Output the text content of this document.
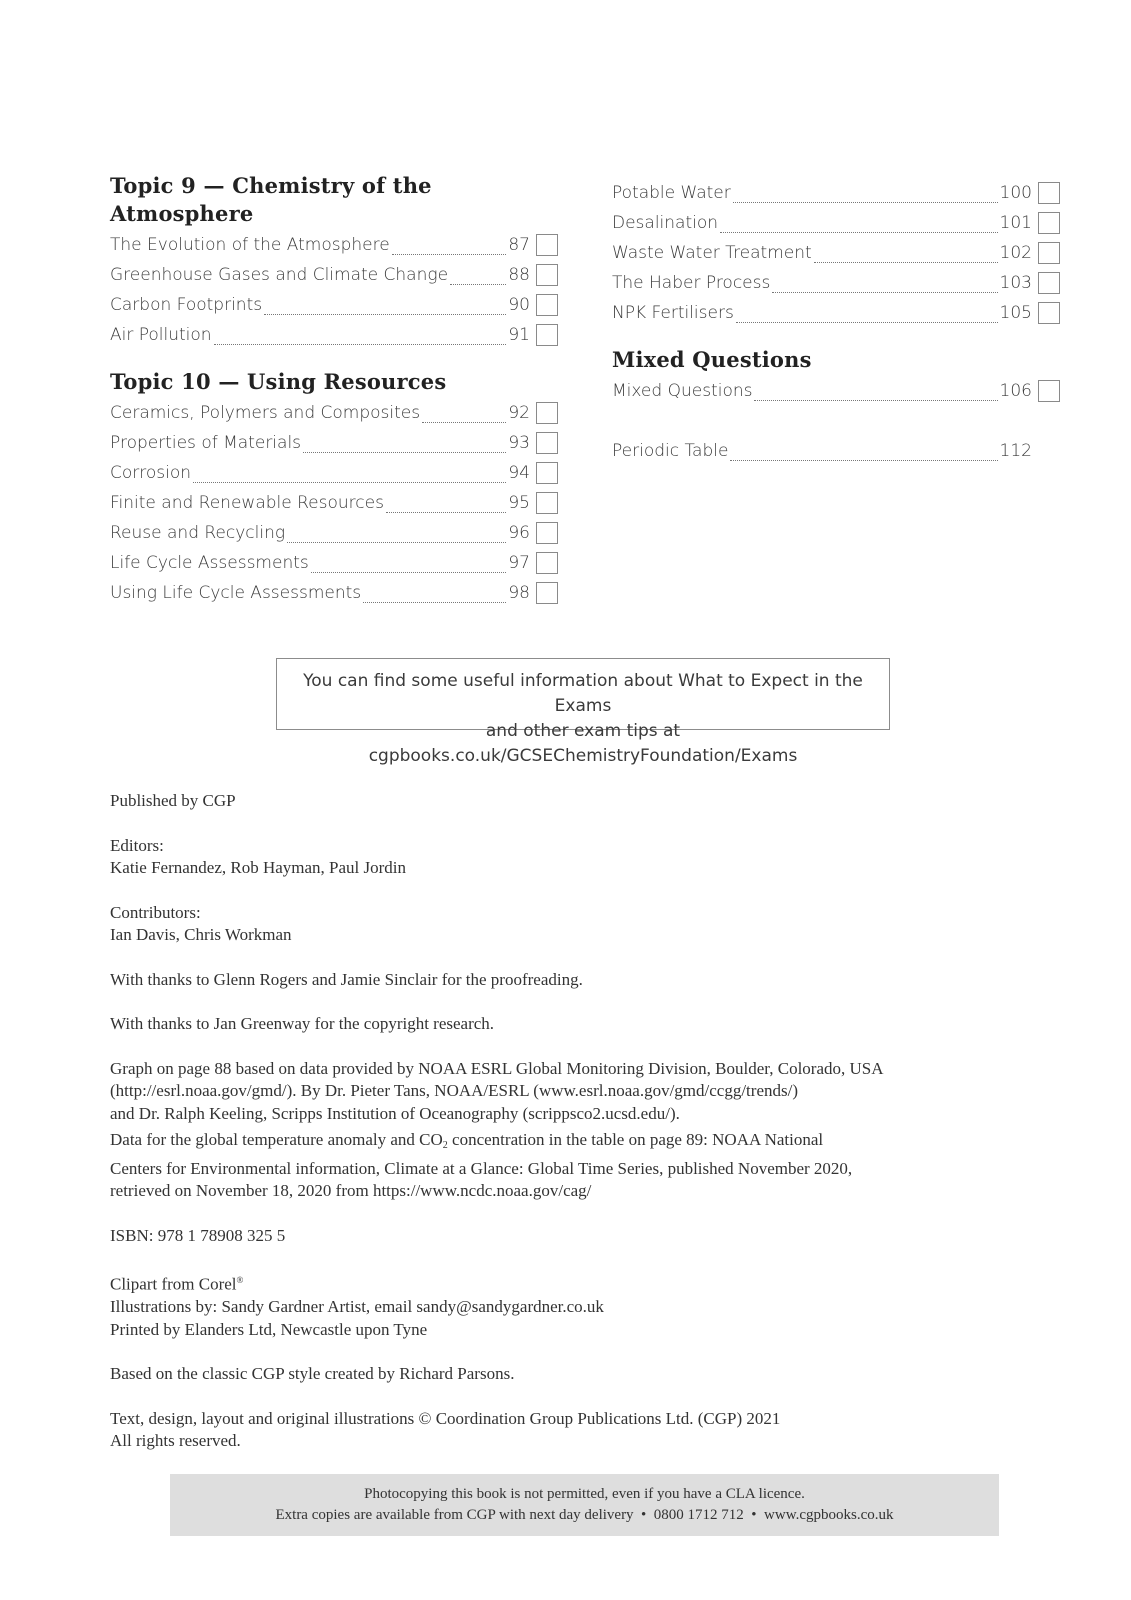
Topic 9 — Chemistry of the Atmosphere
The Evolution of the Atmosphere	87
Greenhouse Gases and Climate Change	88
Carbon Footprints	90
Air Pollution	91
Topic 10 — Using Resources
Ceramics, Polymers and Composites	92
Properties of Materials	93
Corrosion	94
Finite and Renewable Resources	95
Reuse and Recycling	96
Life Cycle Assessments	97
Using Life Cycle Assessments	98
Potable Water	100
Desalination	101
Waste Water Treatment	102
The Haber Process	103
NPK Fertilisers	105
Mixed Questions
Mixed Questions	106
Periodic Table	112
You can find some useful information about What to Expect in the Exams
and other exam tips at cgpbooks.co.uk/GCSEChemistryFoundation/Exams

Published by CGP

Editors:
Katie Fernandez, Rob Hayman, Paul Jordin

Contributors:
Ian Davis, Chris Workman

With thanks to Glenn Rogers and Jamie Sinclair for the proofreading.

With thanks to Jan Greenway for the copyright research.

Graph on page 88 based on data provided by NOAA ESRL Global Monitoring Division, Boulder, Colorado, USA
(http://esrl.noaa.gov/gmd/). By Dr. Pieter Tans, NOAA/ESRL (www.esrl.noaa.gov/gmd/ccgg/trends/)
and Dr. Ralph Keeling, Scripps Institution of Oceanography (scrippsco2.ucsd.edu/).

Data for the global temperature anomaly and $CO_2$ concentration in the table on page 89: NOAA National
Centers for Environmental information, Climate at a Glance: Global Time Series, published November 2020,
retrieved on November 18, 2020 from https://www.ncdc.noaa.gov/cag/

ISBN: 978 1 78908 325 5

Clipart from Corel®
Illustrations by: Sandy Gardner Artist, email sandy@sandygardner.co.uk
Printed by Elanders Ltd, Newcastle upon Tyne

Based on the classic CGP style created by Richard Parsons.

Text, design, layout and original illustrations © Coordination Group Publications Ltd. (CGP) 2021
All rights reserved.

Photocopying this book is not permitted, even if you have a CLA licence.
Extra copies are available from CGP with next day delivery  •  0800 1712 712  •  www.cgpbooks.co.uk
